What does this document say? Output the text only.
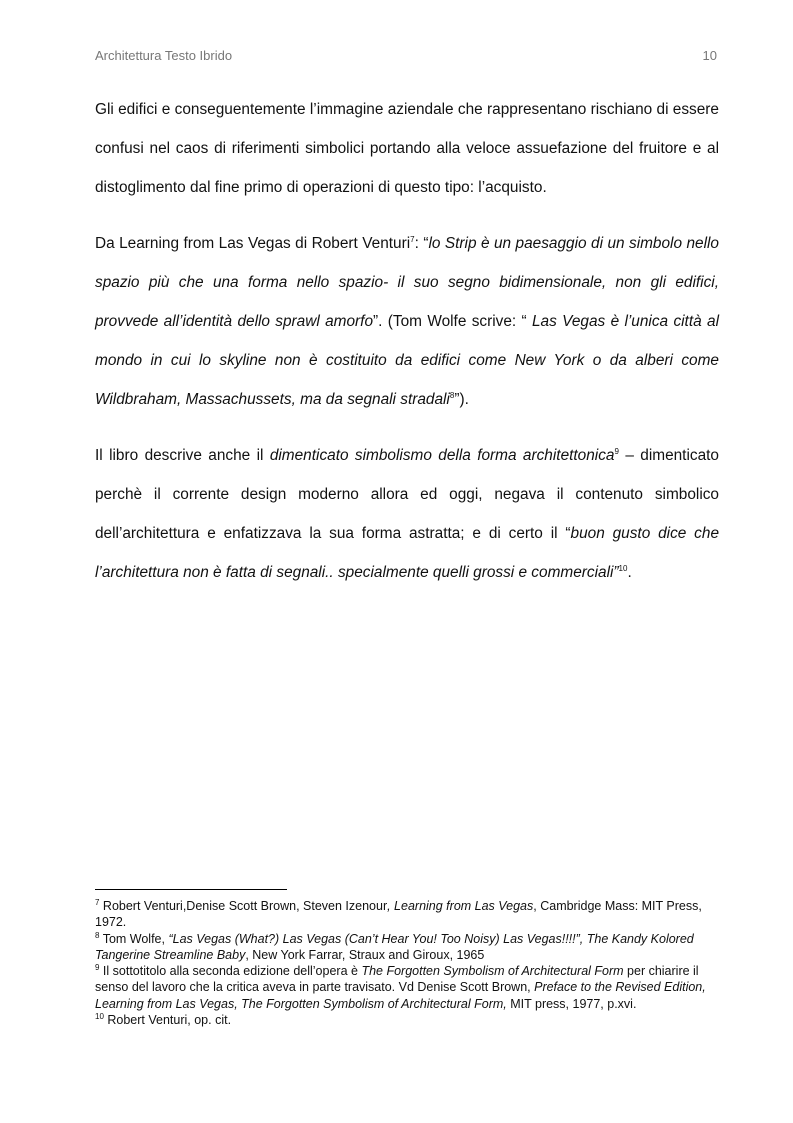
Architettura Testo Ibrido	10

Gli edifici e conseguentemente l’immagine aziendale che rappresentano rischiano di essere confusi nel caos di riferimenti simbolici portando alla veloce assuefazione del fruitore e al distoglimento dal fine primo di operazioni di questo tipo: l’acquisto.

Da Learning from Las Vegas di Robert Venturi$^7$: “lo Strip è un paesaggio di un simbolo nello spazio più che una forma nello spazio- il suo segno bidimensionale, non gli edifici, provvede all’identità dello sprawl amorfo”. (Tom Wolfe scrive: “ Las Vegas è l’unica città al mondo in cui lo skyline non è costituito da edifici come New York o da alberi come Wildbraham, Massachussets, ma da segnali stradali$^8$”).

Il libro descrive anche il dimenticato simbolismo della forma architettonica$^9$ – dimenticato perchè il corrente design moderno allora ed oggi, negava il contenuto simbolico dell’architettura e enfatizzava la sua forma astratta; e di certo il “buon gusto dice che l’architettura non è fatta di segnali.. specialmente quelli grossi e commerciali”$^{10}$.

$^7$ Robert Venturi,Denise Scott Brown, Steven Izenour, Learning from Las Vegas, Cambridge Mass: MIT Press, 1972.

$^8$ Tom Wolfe, “Las Vegas (What?) Las Vegas (Can’t Hear You! Too Noisy) Las Vegas!!!!”, The Kandy Kolored Tangerine Streamline Baby, New York Farrar, Straux and Giroux, 1965

$^9$ Il sottotitolo alla seconda edizione dell’opera è The Forgotten Symbolism of Architectural Form per chiarire il senso del lavoro che la critica aveva in parte travisato. Vd Denise Scott Brown, Preface to the Revised Edition, Learning from Las Vegas, The Forgotten Symbolism of Architectural Form, MIT press, 1977, p.xvi.

$^{10}$ Robert Venturi, op. cit.
